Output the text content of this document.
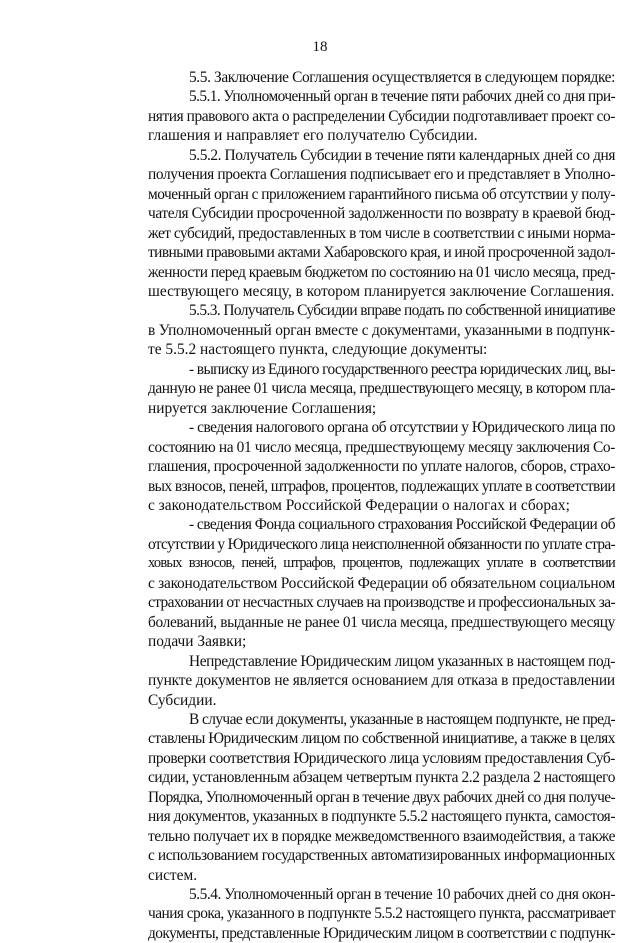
18
5.5. Заключение Соглашения осуществляется в следующем порядке:
5.5.1. Уполномоченный орган в течение пяти рабочих дней со дня при-
нятия правового акта о распределении Субсидии подготавливает проект со-
глашения и направляет его получателю Субсидии.
5.5.2. Получатель Субсидии в течение пяти календарных дней со дня
получения проекта Соглашения подписывает его и представляет в Уполно-
моченный орган с приложением гарантийного письма об отсутствии у полу-
чателя Субсидии просроченной задолженности по возврату в краевой бюд-
жет субсидий, предоставленных в том числе в соответствии с иными норма-
тивными правовыми актами Хабаровского края, и иной просроченной задол-
женности перед краевым бюджетом по состоянию на 01 число месяца, пред-
шествующего месяцу, в котором планируется заключение Соглашения.
5.5.3. Получатель Субсидии вправе подать по собственной инициативе
в Уполномоченный орган вместе с документами, указанными в подпунк-
те 5.5.2 настоящего пункта, следующие документы:
- выписку из Единого государственного реестра юридических лиц, вы-
данную не ранее 01 числа месяца, предшествующего месяцу, в котором пла-
нируется заключение Соглашения;
- сведения налогового органа об отсутствии у Юридического лица по
состоянию на 01 число месяца, предшествующему месяцу заключения Со-
глашения, просроченной задолженности по уплате налогов, сборов, страхо-
вых взносов, пеней, штрафов, процентов, подлежащих уплате в соответствии
с законодательством Российской Федерации о налогах и сборах;
- сведения Фонда социального страхования Российской Федерации об
отсутствии у Юридического лица неисполненной обязанности по уплате стра-
ховых взносов, пеней, штрафов, процентов, подлежащих уплате в соответствии
с законодательством Российской Федерации об обязательном социальном
страховании от несчастных случаев на производстве и профессиональных за-
болеваний, выданные не ранее 01 числа месяца, предшествующего месяцу
подачи Заявки;
Непредставление Юридическим лицом указанных в настоящем под-
пункте документов не является основанием для отказа в предоставлении
Субсидии.
В случае если документы, указанные в настоящем подпункте, не пред-
ставлены Юридическим лицом по собственной инициативе, а также в целях
проверки соответствия Юридического лица условиям предоставления Суб-
сидии, установленным абзацем четвертым пункта 2.2 раздела 2 настоящего
Порядка, Уполномоченный орган в течение двух рабочих дней со дня получе-
ния документов, указанных в подпункте 5.5.2 настоящего пункта, самостоя-
тельно получает их в порядке межведомственного взаимодействия, а также
с использованием государственных автоматизированных информационных
систем.
5.5.4. Уполномоченный орган в течение 10 рабочих дней со дня окон-
чания срока, указанного в подпункте 5.5.2 настоящего пункта, рассматривает
документы, представленные Юридическим лицом в соответствии с подпунк-
